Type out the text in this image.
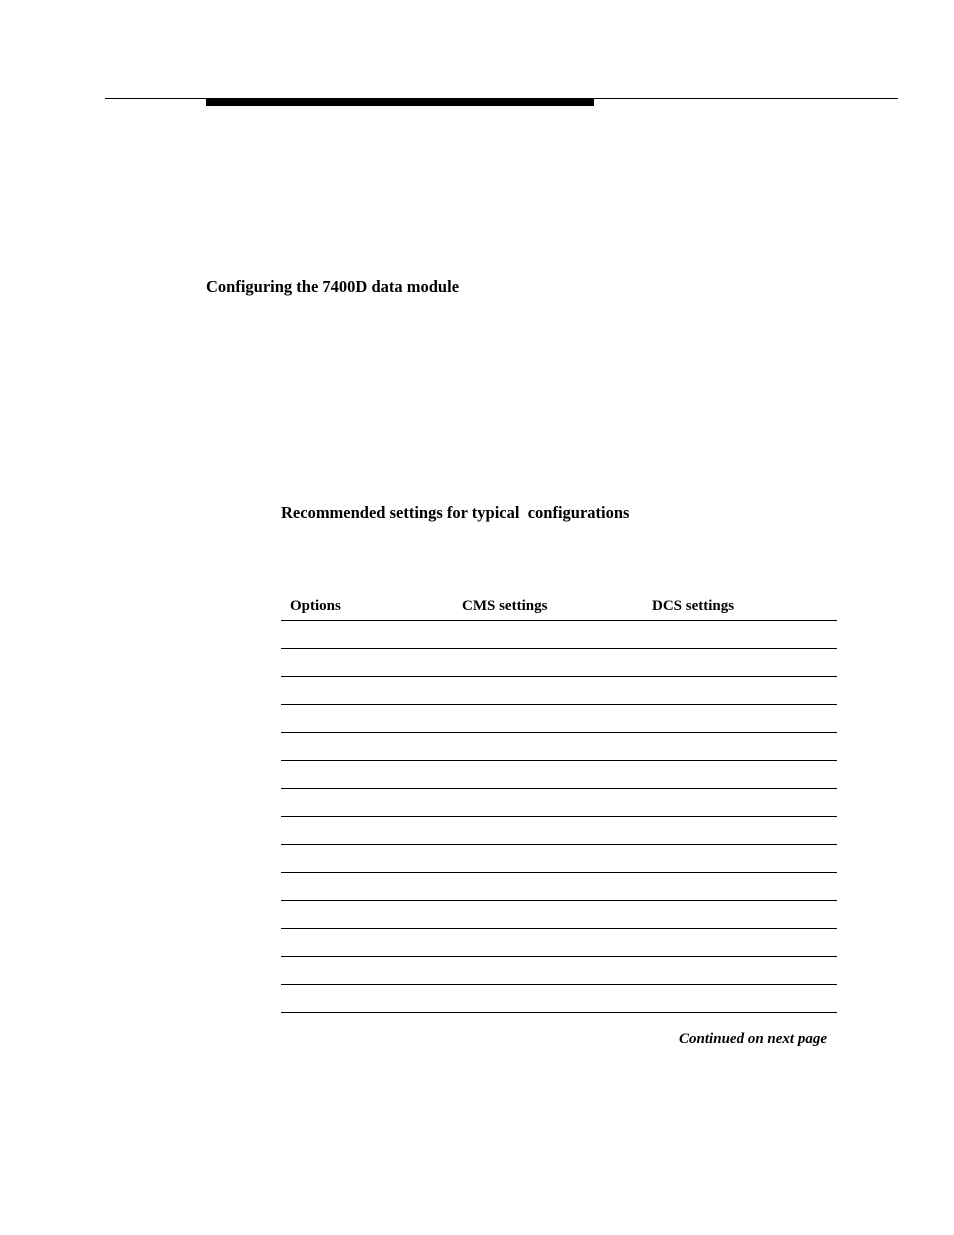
Configuring the 7400D data module
Recommended settings for typical  configurations
Options	CMS settings	DCS settings
Continued on next page
